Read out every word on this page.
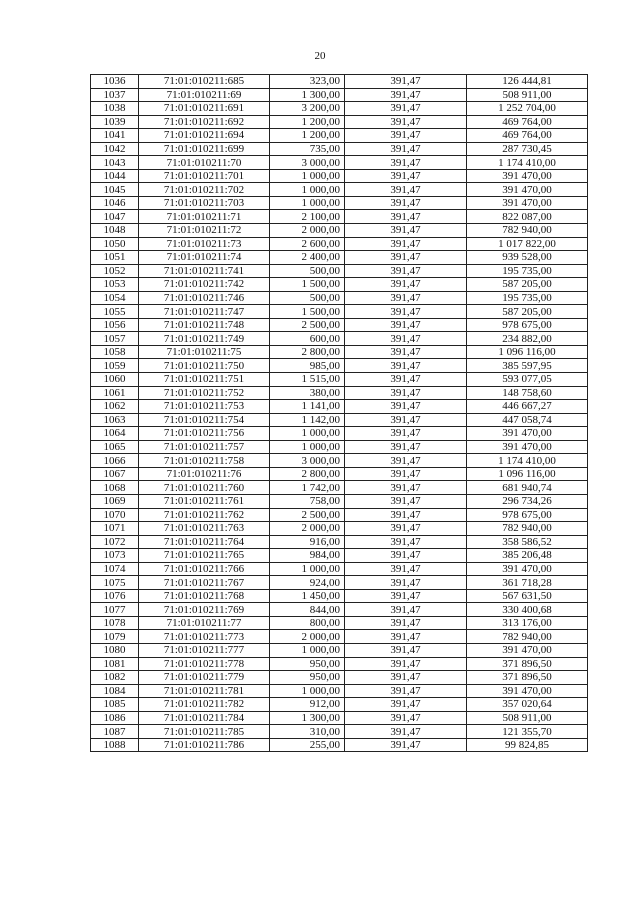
20
1036	71:01:010211:685	323,00	391,47	126 444,81
1037	71:01:010211:69	1 300,00	391,47	508 911,00
1038	71:01:010211:691	3 200,00	391,47	1 252 704,00
1039	71:01:010211:692	1 200,00	391,47	469 764,00
1041	71:01:010211:694	1 200,00	391,47	469 764,00
1042	71:01:010211:699	735,00	391,47	287 730,45
1043	71:01:010211:70	3 000,00	391,47	1 174 410,00
1044	71:01:010211:701	1 000,00	391,47	391 470,00
1045	71:01:010211:702	1 000,00	391,47	391 470,00
1046	71:01:010211:703	1 000,00	391,47	391 470,00
1047	71:01:010211:71	2 100,00	391,47	822 087,00
1048	71:01:010211:72	2 000,00	391,47	782 940,00
1050	71:01:010211:73	2 600,00	391,47	1 017 822,00
1051	71:01:010211:74	2 400,00	391,47	939 528,00
1052	71:01:010211:741	500,00	391,47	195 735,00
1053	71:01:010211:742	1 500,00	391,47	587 205,00
1054	71:01:010211:746	500,00	391,47	195 735,00
1055	71:01:010211:747	1 500,00	391,47	587 205,00
1056	71:01:010211:748	2 500,00	391,47	978 675,00
1057	71:01:010211:749	600,00	391,47	234 882,00
1058	71:01:010211:75	2 800,00	391,47	1 096 116,00
1059	71:01:010211:750	985,00	391,47	385 597,95
1060	71:01:010211:751	1 515,00	391,47	593 077,05
1061	71:01:010211:752	380,00	391,47	148 758,60
1062	71:01:010211:753	1 141,00	391,47	446 667,27
1063	71:01:010211:754	1 142,00	391,47	447 058,74
1064	71:01:010211:756	1 000,00	391,47	391 470,00
1065	71:01:010211:757	1 000,00	391,47	391 470,00
1066	71:01:010211:758	3 000,00	391,47	1 174 410,00
1067	71:01:010211:76	2 800,00	391,47	1 096 116,00
1068	71:01:010211:760	1 742,00	391,47	681 940,74
1069	71:01:010211:761	758,00	391,47	296 734,26
1070	71:01:010211:762	2 500,00	391,47	978 675,00
1071	71:01:010211:763	2 000,00	391,47	782 940,00
1072	71:01:010211:764	916,00	391,47	358 586,52
1073	71:01:010211:765	984,00	391,47	385 206,48
1074	71:01:010211:766	1 000,00	391,47	391 470,00
1075	71:01:010211:767	924,00	391,47	361 718,28
1076	71:01:010211:768	1 450,00	391,47	567 631,50
1077	71:01:010211:769	844,00	391,47	330 400,68
1078	71:01:010211:77	800,00	391,47	313 176,00
1079	71:01:010211:773	2 000,00	391,47	782 940,00
1080	71:01:010211:777	1 000,00	391,47	391 470,00
1081	71:01:010211:778	950,00	391,47	371 896,50
1082	71:01:010211:779	950,00	391,47	371 896,50
1084	71:01:010211:781	1 000,00	391,47	391 470,00
1085	71:01:010211:782	912,00	391,47	357 020,64
1086	71:01:010211:784	1 300,00	391,47	508 911,00
1087	71:01:010211:785	310,00	391,47	121 355,70
1088	71:01:010211:786	255,00	391,47	99 824,85
